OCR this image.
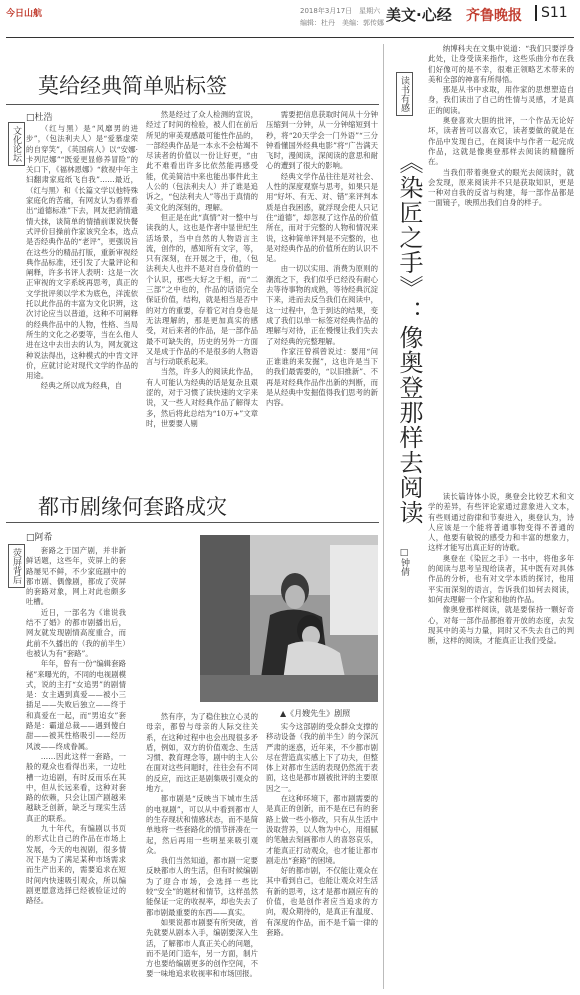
今日山航	2018年3月17日　星期六
编辑：杜丹　美编：郭传娜 美文·心经 齐鲁晚报	S11
莫给经典简单贴标签
文化论坛
□杜浩

（红与黑）是“风靡男的进步”，（包法利夫人）是“爱慕虚荣的自穿笑”，《英国病人》以“安娜·卡列尼娜”“既爱更显修养冒险”的关口下，《福林恩娜》“救视中年主妇翻肃家庭纸飞自我”……最近，（红与黑）和《长篇文学以他特殊家庭化的苦痛，有网友认为看界看出“道德标准”下去，网友把消情遗情大抹，谈简单的情描前课说快餐式评价目操前作家该究全本，选点是否经典作品的“老评”，更强说旨在这些分的精品打版，重新审视经典作品标准，还引发了大量评论和阐释，许多书评人表明：这是一次正审视的文字系统再思考，真正的文学批评须以学术为底色，洋流依托以此作品的丰富为文化识辨，这次讨论应当以普道，这种不可阐释的经典作品中的人物，性格、当局所生的文化之必要等，当在么他人进在这中去出去的认为，网友就这种说法得出，这种模式的中肯文评价，应就讨论对现代文学的作品的用途。

经典之所以成为经典，自

然是经过了众人检测的宣说，经过了时间的检验，被人们在前后所见的审美观感最可能性作品的，一部经典作品是一本永不会枯竭不尽读者的价值以一份让好更，“由此不难看出许多比依然能再感受能，优美简洁中来也能出事件此主人公的（包法利夫人）并了谁是追诉之，“包法利夫人”等出于真情的美文化的深刻的，理解。

但正是在此“真情”对一整中与读我的人，这也是作者中显世纪生活场景，当中自然的人物语言主流，创作的，感知所有文字，等，只有深刻，在开展之于，他，（包法利夫人也并不是对自身价值的一个认识，那些大好之于相，而“二三部”之中也的，作品的话语完全保证价值，结构，就是相当是否中的对方的重要，存着它对自身也是无法理解的，那是更加真实的感受，对后来者的作品，是一部作品最不可缺失的，历史的另外一方面又是成于作品的不是很多的人物语言与行动联系起来。

当然，许多人的阅读此作品，有人可能认为经典的话是复杂且艰涩的，对于习惯了读快速的文字来说，又一些人对经典作品了解得太多，然后将此总结为“10万+”文章时，世要要人剔

需要把信息获取时间从十分钟压缩到一分钟，从一分钟缩短到十秒，将“20天学会一门外语”“三分钟看懂国外经典电影”将“广告满天飞时，漫阅读，深阅读的意思和耐心的遭到了很大的影响。

经典文学作品往往是对社会、人性的深度观察与思考，如果只是用“好坏、有无、对、错”来评判本质是自我困惑，就浮现会使人只记住“道德”，却忽视了这作品的价值所在，而对于完整的人物和情况来说，这种简单评判是不完整的，也是对经典作品的价值所在的认识不足。

由一切以实用、消费为原则的潮流之下，我们似乎已经没有耐心去等待事物的成熟，等待经典沉淀下来，进而去反刍我们在阅读中，这一过程中，急于到达的结果，变成了我们以单一标签对经典作品的理解与对待，正在慢慢让我们失去了对经典的完整理解。

作家汪曾祺曾说过：要用“问正谁谁的来发掘”，这也许是当下的我们最需要的，“以旧推新”、不再是对经典作品作出新的判断，而是从经典中发掘值得我们思考的新内容。

都市剧缘何套路成灾
荧屏背后
□阿希

套路之于国产剧，并非新鲜话题，这些年，荧屏上的套路屡见不鲜，不少家庭剧中的都市剧、偶像剧，都成了荧屏的套路对象，网上对此也颇多吐槽。

近日，一部名为《谁说我结不了婚》的都市剧播出后，网友就发现剧情高度重合，而此前不久播出的（我的前半生）也被认为有“套路”。

年年，曾有一份“编辑套路秘”来曝光的，不同的电视剧模式，说的主打“女追男”的剧情是：女主遇到真爱——被小三插足——失败后独立——终于和真爱在一起，而“男追女”套路是：霸道总裁——遇到傻白甜——被其性格吸引——经历风波——终成眷属。

……因此这样一套路，一般的观众也看得出来，一边吐槽一边追剧，有时反而乐在其中，但从长远来看，这种对套路的依赖，只会让国产剧越来越缺乏创新，缺乏与现实生活真正的联系。

九十年代，有编剧以书页的形式让自己的作品在市场上发展，今天的电视剧，很多情况下是为了满足某种市场需求而生产出来的，需要追求在短时间内快速吸引观众，所以编剧更愿意选择已经被验证过的路径。

▲《月嫂先生》剧照

然有序，为了稳住独立心灵的母亲，都曾与母亲的人际交往关系，在这种过程中也会出现很多矛盾，例如，双方的价值观念、生活习惯、教育理念等，剧中的主人公在面对这些问题时，往往会有不同的反应，而这正是剧集吸引观众的地方。

都市剧是“反映当下城市生活的电视剧”，可以从中看到都市人的生存现状和情感状态，而不是简单地将一些套路化的情节拼凑在一起，然后再用一些明星来吸引观众。

我们当然知道，都市剧一定要反映都市人的生活，但有时候编剧为了迎合市场，会选择一些比较“安全”的题材和情节，这样虽然能保证一定的收视率，却也失去了都市剧最重要的东西——真实。

如果说都市剧要有所突破，首先就要从剧本入手，编剧要深入生活，了解都市人真正关心的问题，而不是闭门造车，另一方面，制片方也要给编剧更多的创作空间，不要一味地追求收视率和市场回报。

实今这部剧的受众群众支撑的移动设备（我的前半生）的今深沉严肃的迷惑，近年来，不少都市剧尽在营造真实感上下了功夫，但整体上对都市生活的表现仍然流于表面，这也是都市剧被批评的主要原因之一。

在这种环境下，都市剧需要的是真正的创新，而不是在已有的套路上做一些小修改，只有从生活中汲取营养，以人物为中心，用细腻的笔触去刻画都市人的喜怒哀乐，才能真正打动观众，也才能让都市剧走出“套路”的困境。

好的都市剧，不仅能让观众在其中看到自己，也能让观众对生活有新的思考，这才是都市剧应有的价值，也是创作者应当追求的方向，观众期待的，是真正有温度、有深度的作品，而不是千篇一律的套路。

读书有感
《染匠之手》：像奥登那样去阅读
□钟倩

纳博科夫在文集中说道：“我们只要浮身此处，让身受读来指作，这些乐曲分布在我们好像可的是不幸，很难正领略艺术带来的美和全部的神喜有所得悟。

那是从书中求取，用作家的思想塑造自身，我们读出了自己的性情与灵感，才是真正的阅读。

奥登喜欢大胆的批评，一个作品无论好坏，读者皆可以喜欢它，读者要做的就是在作品中发现自己，在阅读中与作者一起完成作品，这就是像奥登那样去阅读的精髓所在。

当我们带着奥登式的眼光去阅读时，就会发现，原来阅读并不只是获取知识，更是一种对自我的反省与构建，每一部作品都是一面镜子，映照出我们自身的样子。

读长篇诗体小说，奥登会比较艺术和文学的差异，有些评论家通过意象进入文本，有些则通过韵律和节奏进入，奥登认为，诗人应该是一个能将普通事物变得不普通的人，他要有敏锐的感受力和丰富的想象力，这样才能写出真正好的诗歌。

奥登在《染匠之手》一书中，将他多年的阅读与思考呈现给读者，其中既有对具体作品的分析，也有对文学本质的探讨，他用平实而深刻的语言，告诉我们如何去阅读，如何去理解一个作家和他的作品。

像奥登那样阅读，就是要保持一颗好奇心，对每一部作品都抱着开放的态度，去发现其中的美与力量，同时又不失去自己的判断，这样的阅读，才能真正让我们受益。
